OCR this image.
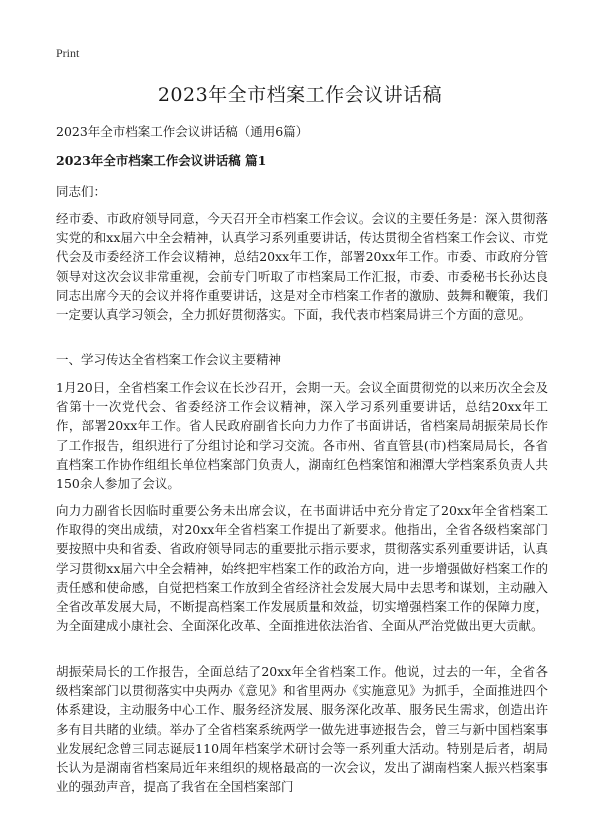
Print
2023年全市档案工作会议讲话稿
2023年全市档案工作会议讲话稿（通用6篇）
2023年全市档案工作会议讲话稿 篇1
同志们：

经市委、市政府领导同意，今天召开全市档案工作会议。会议的主要任务是：深入贯彻落实党的和xx届六中全会精神，认真学习系列重要讲话，传达贯彻全省档案工作会议、市党代会及市委经济工作会议精神，总结20xx年工作，部署20xx年工作。市委、市政府分管领导对这次会议非常重视，会前专门听取了市档案局工作汇报，市委、市委秘书长孙达良同志出席今天的会议并将作重要讲话，这是对全市档案工作者的激励、鼓舞和鞭策，我们一定要认真学习领会，全力抓好贯彻落实。下面，我代表市档案局讲三个方面的意见。

一、学习传达全省档案工作会议主要精神

1月20日，全省档案工作会议在长沙召开，会期一天。会议全面贯彻党的以来历次全会及省第十一次党代会、省委经济工作会议精神，深入学习系列重要讲话，总结20xx年工作，部署20xx年工作。省人民政府副省长向力力作了书面讲话，省档案局胡振荣局长作了工作报告，组织进行了分组讨论和学习交流。各市州、省直管县(市)档案局局长，各省直档案工作协作组组长单位档案部门负责人，湖南红色档案馆和湘潭大学档案系负责人共150余人参加了会议。

向力力副省长因临时重要公务未出席会议，在书面讲话中充分肯定了20xx年全省档案工作取得的突出成绩，对20xx年全省档案工作提出了新要求。他指出，全省各级档案部门要按照中央和省委、省政府领导同志的重要批示指示要求，贯彻落实系列重要讲话，认真学习贯彻xx届六中全会精神，始终把牢档案工作的政治方向，进一步增强做好档案工作的责任感和使命感，自觉把档案工作放到全省经济社会发展大局中去思考和谋划，主动融入全省改革发展大局，不断提高档案工作发展质量和效益，切实增强档案工作的保障力度，为全面建成小康社会、全面深化改革、全面推进依法治省、全面从严治党做出更大贡献。

胡振荣局长的工作报告，全面总结了20xx年全省档案工作。他说，过去的一年，全省各级档案部门以贯彻落实中央两办《意见》和省里两办《实施意见》为抓手，全面推进四个体系建设，主动服务中心工作、服务经济发展、服务深化改革、服务民生需求，创造出许多有目共睹的业绩。举办了全省档案系统两学一做先进事迹报告会，曾三与新中国档案事业发展纪念曾三同志诞辰110周年档案学术研讨会等一系列重大活动。特别是后者，胡局长认为是湖南省档案局近年来组织的规格最高的一次会议，发出了湖南档案人振兴档案事业的强劲声音，提高了我省在全国档案部门
